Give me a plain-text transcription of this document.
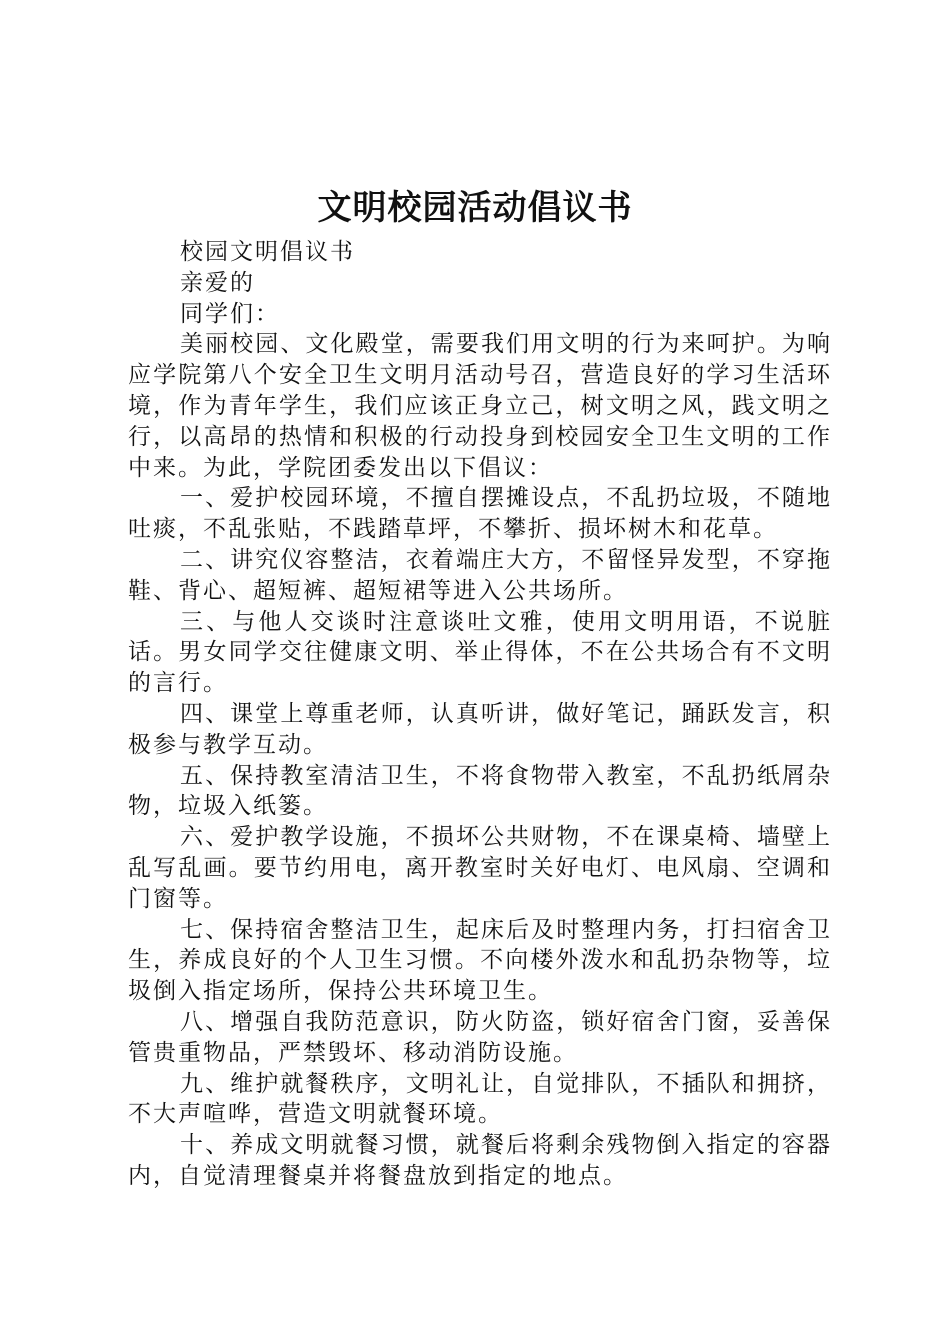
文明校园活动倡议书

校园文明倡议书

亲爱的

同学们：

美丽校园、文化殿堂，需要我们用文明的行为来呵护。为响应学院第八个安全卫生文明月活动号召，营造良好的学习生活环境，作为青年学生，我们应该正身立己，树文明之风，践文明之行，以高昂的热情和积极的行动投身到校园安全卫生文明的工作中来。为此，学院团委发出以下倡议：

一、爱护校园环境，不擅自摆摊设点，不乱扔垃圾，不随地吐痰，不乱张贴，不践踏草坪，不攀折、损坏树木和花草。

二、讲究仪容整洁，衣着端庄大方，不留怪异发型，不穿拖鞋、背心、超短裤、超短裙等进入公共场所。

三、与他人交谈时注意谈吐文雅，使用文明用语，不说脏话。男女同学交往健康文明、举止得体，不在公共场合有不文明的言行。

四、课堂上尊重老师，认真听讲，做好笔记，踊跃发言，积极参与教学互动。

五、保持教室清洁卫生，不将食物带入教室，不乱扔纸屑杂物，垃圾入纸篓。

六、爱护教学设施，不损坏公共财物，不在课桌椅、墙壁上乱写乱画。要节约用电，离开教室时关好电灯、电风扇、空调和门窗等。

七、保持宿舍整洁卫生，起床后及时整理内务，打扫宿舍卫生，养成良好的个人卫生习惯。不向楼外泼水和乱扔杂物等，垃圾倒入指定场所，保持公共环境卫生。

八、增强自我防范意识，防火防盗，锁好宿舍门窗，妥善保管贵重物品，严禁毁坏、移动消防设施。

九、维护就餐秩序，文明礼让，自觉排队，不插队和拥挤，不大声喧哗，营造文明就餐环境。

十、养成文明就餐习惯，就餐后将剩余残物倒入指定的容器内，自觉清理餐桌并将餐盘放到指定的地点。
